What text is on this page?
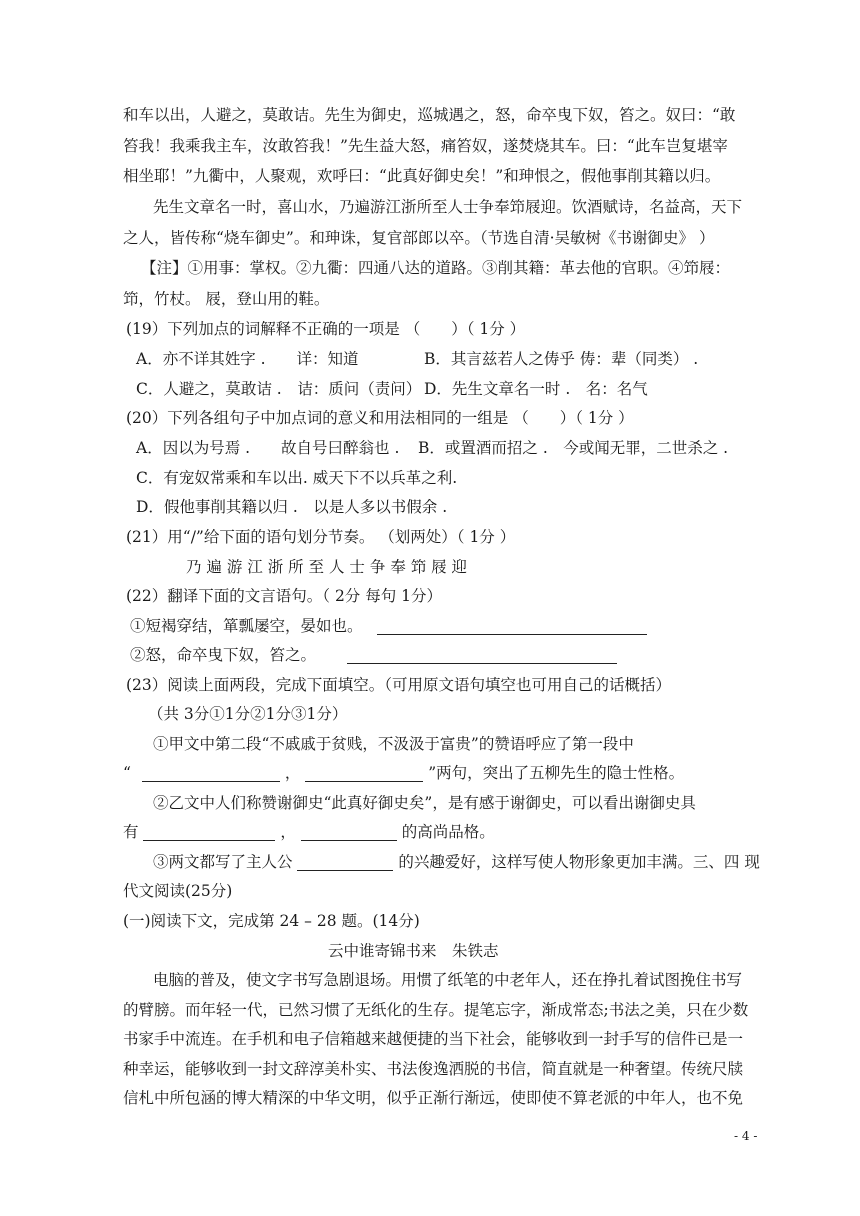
和车以出，人避之，莫敢诘。先生为御史，巡城遇之，怒，命卒曳下奴，笞之。奴曰：“敢
笞我！我乘我主车，汝敢笞我！”先生益大怒，痛笞奴，遂焚烧其车。曰：“此车岂复堪宰
相坐耶！”九衢中，人聚观，欢呼曰：“此真好御史矣！”和珅恨之，假他事削其籍以归。
先生文章名一时，喜山水，乃遍游江浙所至人士争奉笻屐迎。饮酒赋诗，名益高，天下
之人，皆传称“烧车御史”。和珅诛，复官部郎以卒。（节选自清·吴敏树《书谢御史》 ）
【注】①用事：掌权。②九衢：四通八达的道路。③削其籍：革去他的官职。④笻屐：
笻，竹杖。 屐，登山用的鞋。
(19）下列加点的词解释不正确的一项是 （　　）（ 1分 ）
A．亦不详其姓字 .　　详：知道	B．其言兹若人之俦乎 俦：辈（同类） .
C．人避之，莫敢诘 .　诘：质问（责问） D．先生文章名一时 .　名：名气
(20）下列各组句子中加点词的意义和用法相同的一组是 （　　）（ 1分 ）
A．因以为号焉 .　　故自号曰醉翁也 . B．或置酒而招之 .　今或闻无罪，二世杀之 .
C．有宠奴常乘和车以出. 威天下不以兵革之利.
D．假他事削其籍以归 .　以是人多以书假余 .
(21）用“/”给下面的语句划分节奏。 （划两处）（ 1分 ）
乃 遍 游 江 浙 所 至 人 士 争 奉 笻 屐 迎
(22）翻译下面的文言语句。（ 2分 每句 1分）
①短褐穿结，箪瓢屡空，晏如也。
②怒，命卒曳下奴，笞之。
(23）阅读上面两段，完成下面填空。（可用原文语句填空也可用自己的话概括）
（共 3分①1分②1分③1分）
①甲文中第二段“不戚戚于贫贱，不汲汲于富贵”的赞语呼应了第一段中
“	，	”两句，突出了五柳先生的隐士性格。
②乙文中人们称赞谢御史“此真好御史矣”，是有感于谢御史，可以看出谢御史具
有	，	的高尚品格。
③两文都写了主人公	的兴趣爱好，这样写使人物形象更加丰满。三、四 现
代文阅读(25分)
(一)阅读下文，完成第 24 – 28 题。(14分)
云中谁寄锦书来　朱铁志
电脑的普及，使文字书写急剧退场。用惯了纸笔的中老年人，还在挣扎着试图挽住书写
的臂膀。而年轻一代，已然习惯了无纸化的生存。提笔忘字，渐成常态;书法之美，只在少数
书家手中流连。在手机和电子信箱越来越便捷的当下社会，能够收到一封手写的信件已是一
种幸运，能够收到一封文辞淳美朴实、书法俊逸洒脱的书信，简直就是一种奢望。传统尺牍
信札中所包涵的博大精深的中华文明，似乎正渐行渐远，使即使不算老派的中年人，也不免
- 4 -
